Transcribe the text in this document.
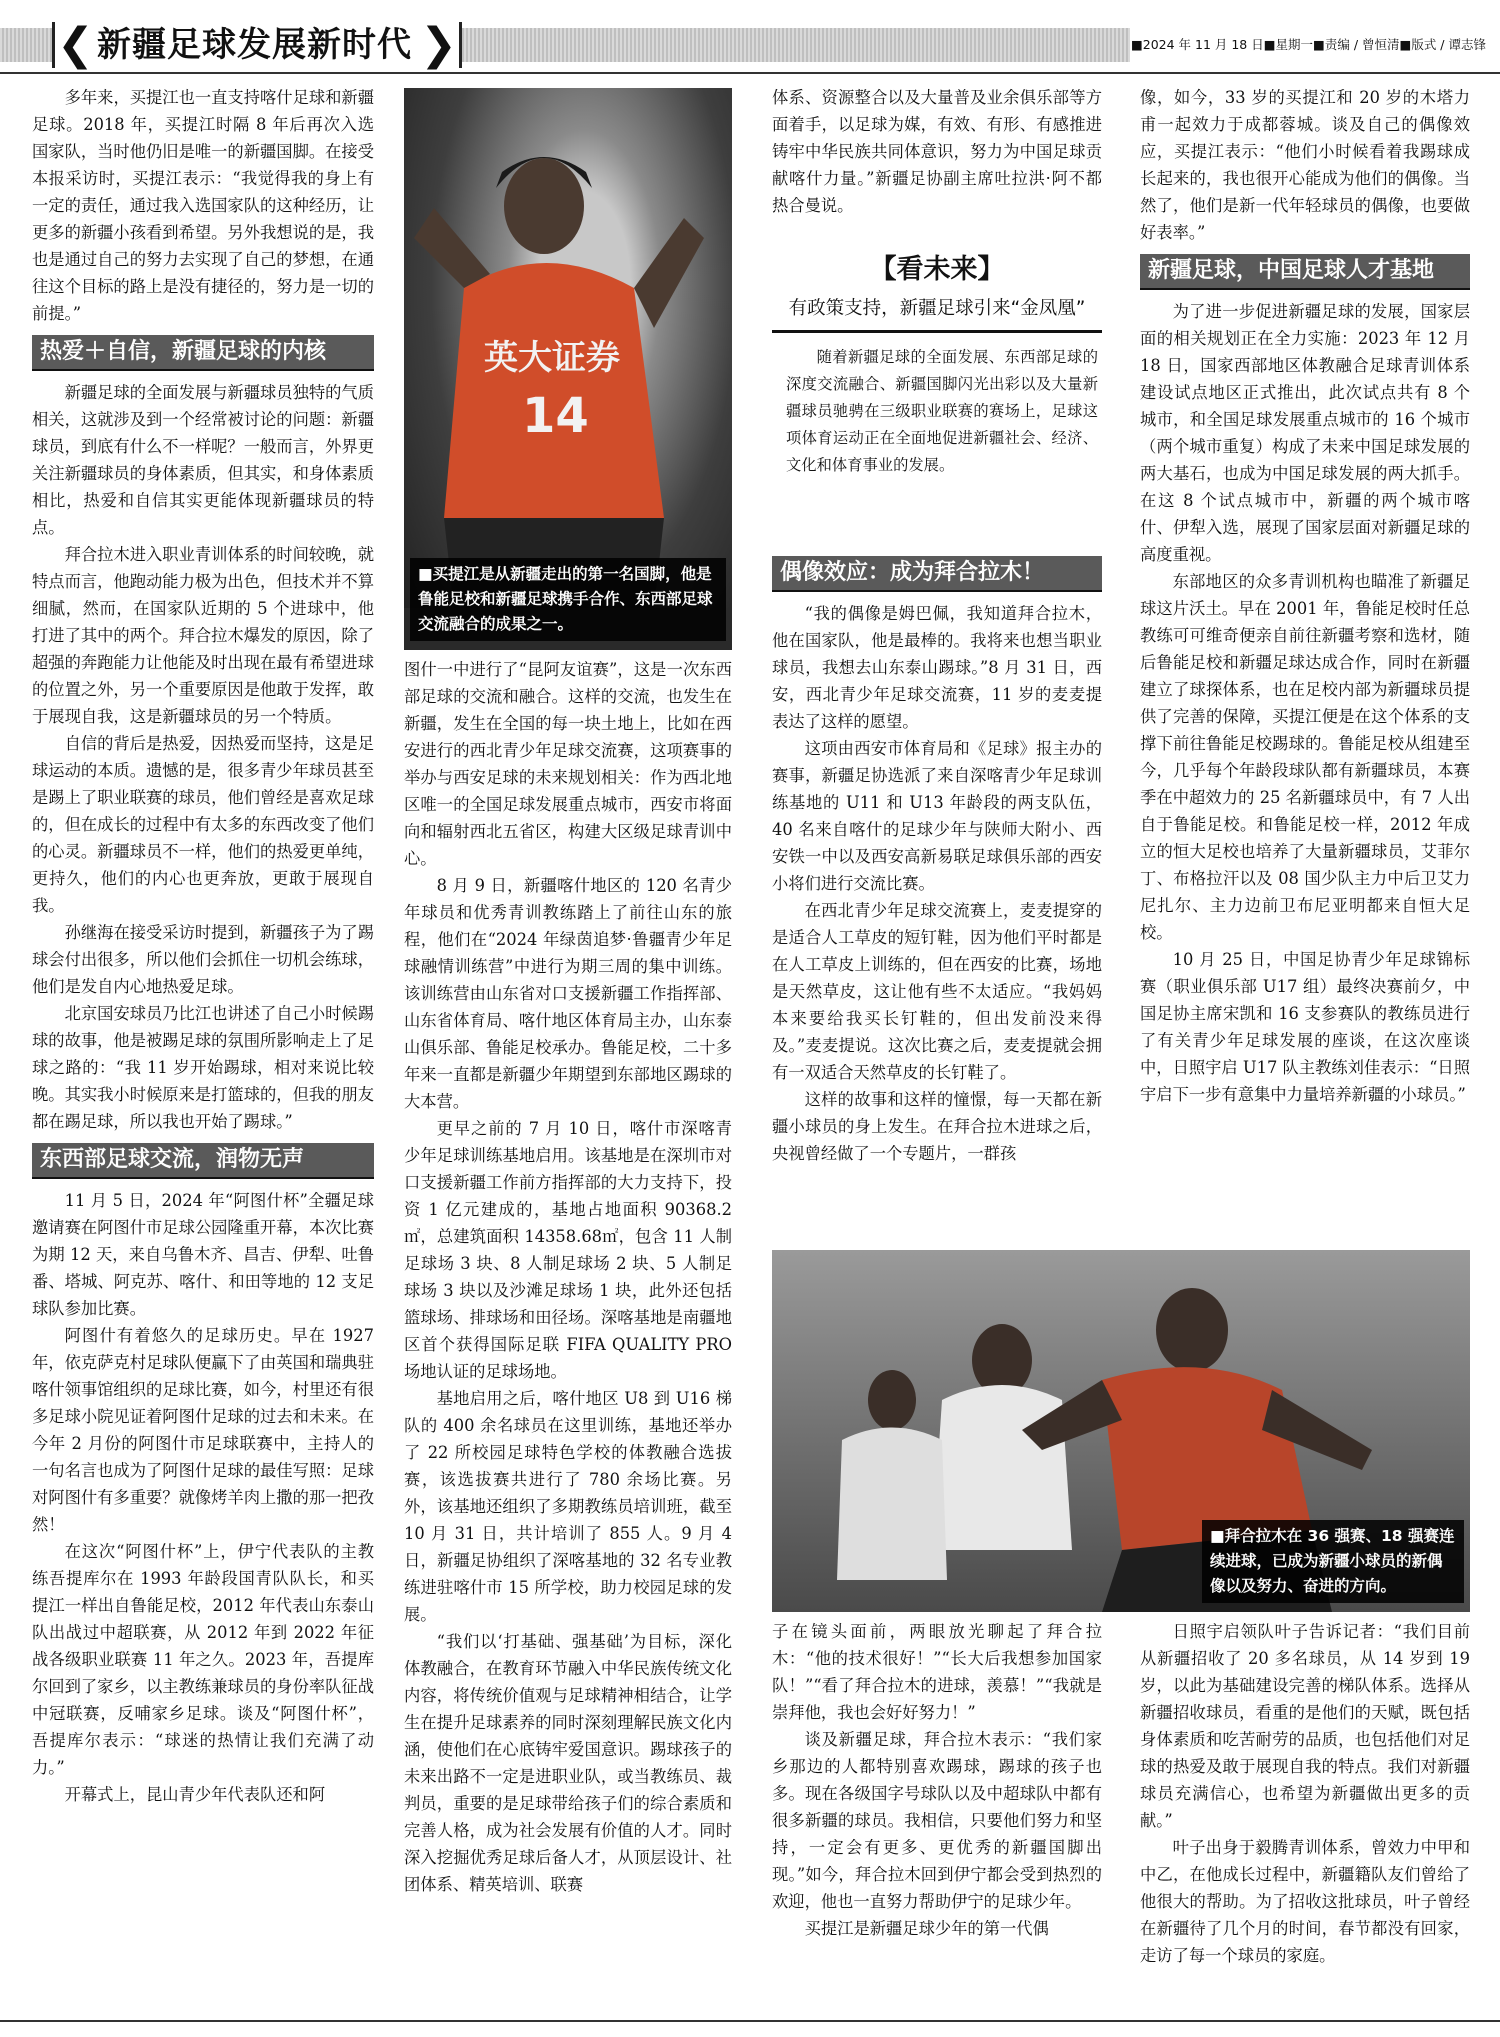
❮ 新疆足球发展新时代 ❯	■2024 年 11 月 18 日■星期一■责编 / 曾恒清■版式 / 谭志锋

多年来，买提江也一直支持喀什足球和新疆足球。2018 年，买提江时隔 8 年后再次入选国家队，当时他仍旧是唯一的新疆国脚。在接受本报采访时，买提江表示：“我觉得我的身上有一定的责任，通过我入选国家队的这种经历，让更多的新疆小孩看到希望。另外我想说的是，我也是通过自己的努力去实现了自己的梦想，在通往这个目标的路上是没有捷径的，努力是一切的前提。”

热爱＋自信，新疆足球的内核

新疆足球的全面发展与新疆球员独特的气质相关，这就涉及到一个经常被讨论的问题：新疆球员，到底有什么不一样呢？一般而言，外界更关注新疆球员的身体素质，但其实，和身体素质相比，热爱和自信其实更能体现新疆球员的特点。

拜合拉木进入职业青训体系的时间较晚，就特点而言，他跑动能力极为出色，但技术并不算细腻，然而，在国家队近期的 5 个进球中，他打进了其中的两个。拜合拉木爆发的原因，除了超强的奔跑能力让他能及时出现在最有希望进球的位置之外，另一个重要原因是他敢于发挥，敢于展现自我，这是新疆球员的另一个特质。

自信的背后是热爱，因热爱而坚持，这是足球运动的本质。遗憾的是，很多青少年球员甚至是踢上了职业联赛的球员，他们曾经是喜欢足球的，但在成长的过程中有太多的东西改变了他们的心灵。新疆球员不一样，他们的热爱更单纯，更持久，他们的内心也更奔放，更敢于展现自我。

孙继海在接受采访时提到，新疆孩子为了踢球会付出很多，所以他们会抓住一切机会练球，他们是发自内心地热爱足球。

北京国安球员乃比江也讲述了自己小时候踢球的故事，他是被踢足球的氛围所影响走上了足球之路的：“我 11 岁开始踢球，相对来说比较晚。其实我小时候原来是打篮球的，但我的朋友都在踢足球，所以我也开始了踢球。”

东西部足球交流，润物无声

11 月 5 日，2024 年“阿图什杯”全疆足球邀请赛在阿图什市足球公园隆重开幕，本次比赛为期 12 天，来自乌鲁木齐、昌吉、伊犁、吐鲁番、塔城、阿克苏、喀什、和田等地的 12 支足球队参加比赛。

阿图什有着悠久的足球历史。早在 1927 年，依克萨克村足球队便赢下了由英国和瑞典驻喀什领事馆组织的足球比赛，如今，村里还有很多足球小院见证着阿图什足球的过去和未来。在今年 2 月份的阿图什市足球联赛中，主持人的一句名言也成为了阿图什足球的最佳写照：足球对阿图什有多重要？就像烤羊肉上撒的那一把孜然！

在这次“阿图什杯”上，伊宁代表队的主教练吾提库尔在 1993 年龄段国青队队长，和买提江一样出自鲁能足校，2012 年代表山东泰山队出战过中超联赛，从 2012 年到 2022 年征战各级职业联赛 11 年之久。2023 年，吾提库尔回到了家乡，以主教练兼球员的身份率队征战中冠联赛，反哺家乡足球。谈及“阿图什杯”，吾提库尔表示：“球迷的热情让我们充满了动力。”

开幕式上，昆山青少年代表队还和阿

英大证券
14
■买提江是从新疆走出的第一名国脚，他是鲁能足校和新疆足球携手合作、东西部足球交流融合的成果之一。

图什一中进行了“昆阿友谊赛”，这是一次东西部足球的交流和融合。这样的交流，也发生在新疆，发生在全国的每一块土地上，比如在西安进行的西北青少年足球交流赛，这项赛事的举办与西安足球的未来规划相关：作为西北地区唯一的全国足球发展重点城市，西安市将面向和辐射西北五省区，构建大区级足球青训中心。

8 月 9 日，新疆喀什地区的 120 名青少年球员和优秀青训教练踏上了前往山东的旅程，他们在“2024 年绿茵追梦·鲁疆青少年足球融情训练营”中进行为期三周的集中训练。该训练营由山东省对口支援新疆工作指挥部、山东省体育局、喀什地区体育局主办，山东泰山俱乐部、鲁能足校承办。鲁能足校，二十多年来一直都是新疆少年期望到东部地区踢球的大本营。

更早之前的 7 月 10 日，喀什市深喀青少年足球训练基地启用。该基地是在深圳市对口支援新疆工作前方指挥部的大力支持下，投资 1 亿元建成的，基地占地面积 90368.2㎡，总建筑面积 14358.68㎡，包含 11 人制足球场 3 块、8 人制足球场 2 块、5 人制足球场 3 块以及沙滩足球场 1 块，此外还包括篮球场、排球场和田径场。深喀基地是南疆地区首个获得国际足联 FIFA QUALITY PRO 场地认证的足球场地。

基地启用之后，喀什地区 U8 到 U16 梯队的 400 余名球员在这里训练，基地还举办了 22 所校园足球特色学校的体教融合选拔赛，该选拔赛共进行了 780 余场比赛。另外，该基地还组织了多期教练员培训班，截至 10 月 31 日，共计培训了 855 人。9 月 4 日，新疆足协组织了深喀基地的 32 名专业教练进驻喀什市 15 所学校，助力校园足球的发展。

“我们以‘打基础、强基础’为目标，深化体教融合，在教育环节融入中华民族传统文化内容，将传统价值观与足球精神相结合，让学生在提升足球素养的同时深刻理解民族文化内涵，使他们在心底铸牢爱国意识。踢球孩子的未来出路不一定是进职业队，或当教练员、裁判员，重要的是足球带给孩子们的综合素质和完善人格，成为社会发展有价值的人才。同时深入挖掘优秀足球后备人才，从顶层设计、社团体系、精英培训、联赛

体系、资源整合以及大量普及业余俱乐部等方面着手，以足球为媒，有效、有形、有感推进铸牢中华民族共同体意识，努力为中国足球贡献喀什力量。”新疆足协副主席吐拉洪·阿不都热合曼说。

【看未来】
有政策支持，新疆足球引来“金凤凰”

随着新疆足球的全面发展、东西部足球的深度交流融合、新疆国脚闪光出彩以及大量新疆球员驰骋在三级职业联赛的赛场上，足球这项体育运动正在全面地促进新疆社会、经济、文化和体育事业的发展。

偶像效应：成为拜合拉木！

“我的偶像是姆巴佩，我知道拜合拉木，他在国家队，他是最棒的。我将来也想当职业球员，我想去山东泰山踢球。”8 月 31 日，西安，西北青少年足球交流赛，11 岁的麦麦提表达了这样的愿望。

这项由西安市体育局和《足球》报主办的赛事，新疆足协选派了来自深喀青少年足球训练基地的 U11 和 U13 年龄段的两支队伍，40 名来自喀什的足球少年与陕师大附小、西安铁一中以及西安高新易联足球俱乐部的西安小将们进行交流比赛。

在西北青少年足球交流赛上，麦麦提穿的是适合人工草皮的短钉鞋，因为他们平时都是在人工草皮上训练的，但在西安的比赛，场地是天然草皮，这让他有些不太适应。“我妈妈本来要给我买长钉鞋的，但出发前没来得及。”麦麦提说。这次比赛之后，麦麦提就会拥有一双适合天然草皮的长钉鞋了。

这样的故事和这样的憧憬，每一天都在新疆小球员的身上发生。在拜合拉木进球之后，央视曾经做了一个专题片，一群孩

像，如今，33 岁的买提江和 20 岁的木塔力甫一起效力于成都蓉城。谈及自己的偶像效应，买提江表示：“他们小时候看着我踢球成长起来的，我也很开心能成为他们的偶像。当然了，他们是新一代年轻球员的偶像，也要做好表率。”

新疆足球，中国足球人才基地

为了进一步促进新疆足球的发展，国家层面的相关规划正在全力实施：2023 年 12 月 18 日，国家西部地区体教融合足球青训体系建设试点地区正式推出，此次试点共有 8 个城市，和全国足球发展重点城市的 16 个城市（两个城市重复）构成了未来中国足球发展的两大基石，也成为中国足球发展的两大抓手。在这 8 个试点城市中，新疆的两个城市喀什、伊犁入选，展现了国家层面对新疆足球的高度重视。

东部地区的众多青训机构也瞄准了新疆足球这片沃土。早在 2001 年，鲁能足校时任总教练可可维奇便亲自前往新疆考察和选材，随后鲁能足校和新疆足球达成合作，同时在新疆建立了球探体系，也在足校内部为新疆球员提供了完善的保障，买提江便是在这个体系的支撑下前往鲁能足校踢球的。鲁能足校从组建至今，几乎每个年龄段球队都有新疆球员，本赛季在中超效力的 25 名新疆球员中，有 7 人出自于鲁能足校。和鲁能足校一样，2012 年成立的恒大足校也培养了大量新疆球员，艾菲尔丁、布格拉汗以及 08 国少队主力中后卫艾力尼扎尔、主力边前卫布尼亚明都来自恒大足校。

10 月 25 日，中国足协青少年足球锦标赛（职业俱乐部 U17 组）最终决赛前夕，中国足协主席宋凯和 16 支参赛队的教练员进行了有关青少年足球发展的座谈，在这次座谈中，日照宇启 U17 队主教练刘佳表示：“日照宇启下一步有意集中力量培养新疆的小球员。”

■拜合拉木在 36 强赛、18 强赛连续进球，已成为新疆小球员的新偶像以及努力、奋进的方向。

子在镜头面前，两眼放光聊起了拜合拉木：“他的技术很好！”“长大后我想参加国家队！”“看了拜合拉木的进球，羡慕！”“我就是崇拜他，我也会好好努力！”

谈及新疆足球，拜合拉木表示：“我们家乡那边的人都特别喜欢踢球，踢球的孩子也多。现在各级国字号球队以及中超球队中都有很多新疆的球员。我相信，只要他们努力和坚持，一定会有更多、更优秀的新疆国脚出现。”如今，拜合拉木回到伊宁都会受到热烈的欢迎，他也一直努力帮助伊宁的足球少年。

买提江是新疆足球少年的第一代偶

日照宇启领队叶子告诉记者：“我们目前从新疆招收了 20 多名球员，从 14 岁到 19 岁，以此为基础建设完善的梯队体系。选择从新疆招收球员，看重的是他们的天赋，既包括身体素质和吃苦耐劳的品质，也包括他们对足球的热爱及敢于展现自我的特点。我们对新疆球员充满信心，也希望为新疆做出更多的贡献。”

叶子出身于毅腾青训体系，曾效力中甲和中乙，在他成长过程中，新疆籍队友们曾给了他很大的帮助。为了招收这批球员，叶子曾经在新疆待了几个月的时间，春节都没有回家，走访了每一个球员的家庭。
